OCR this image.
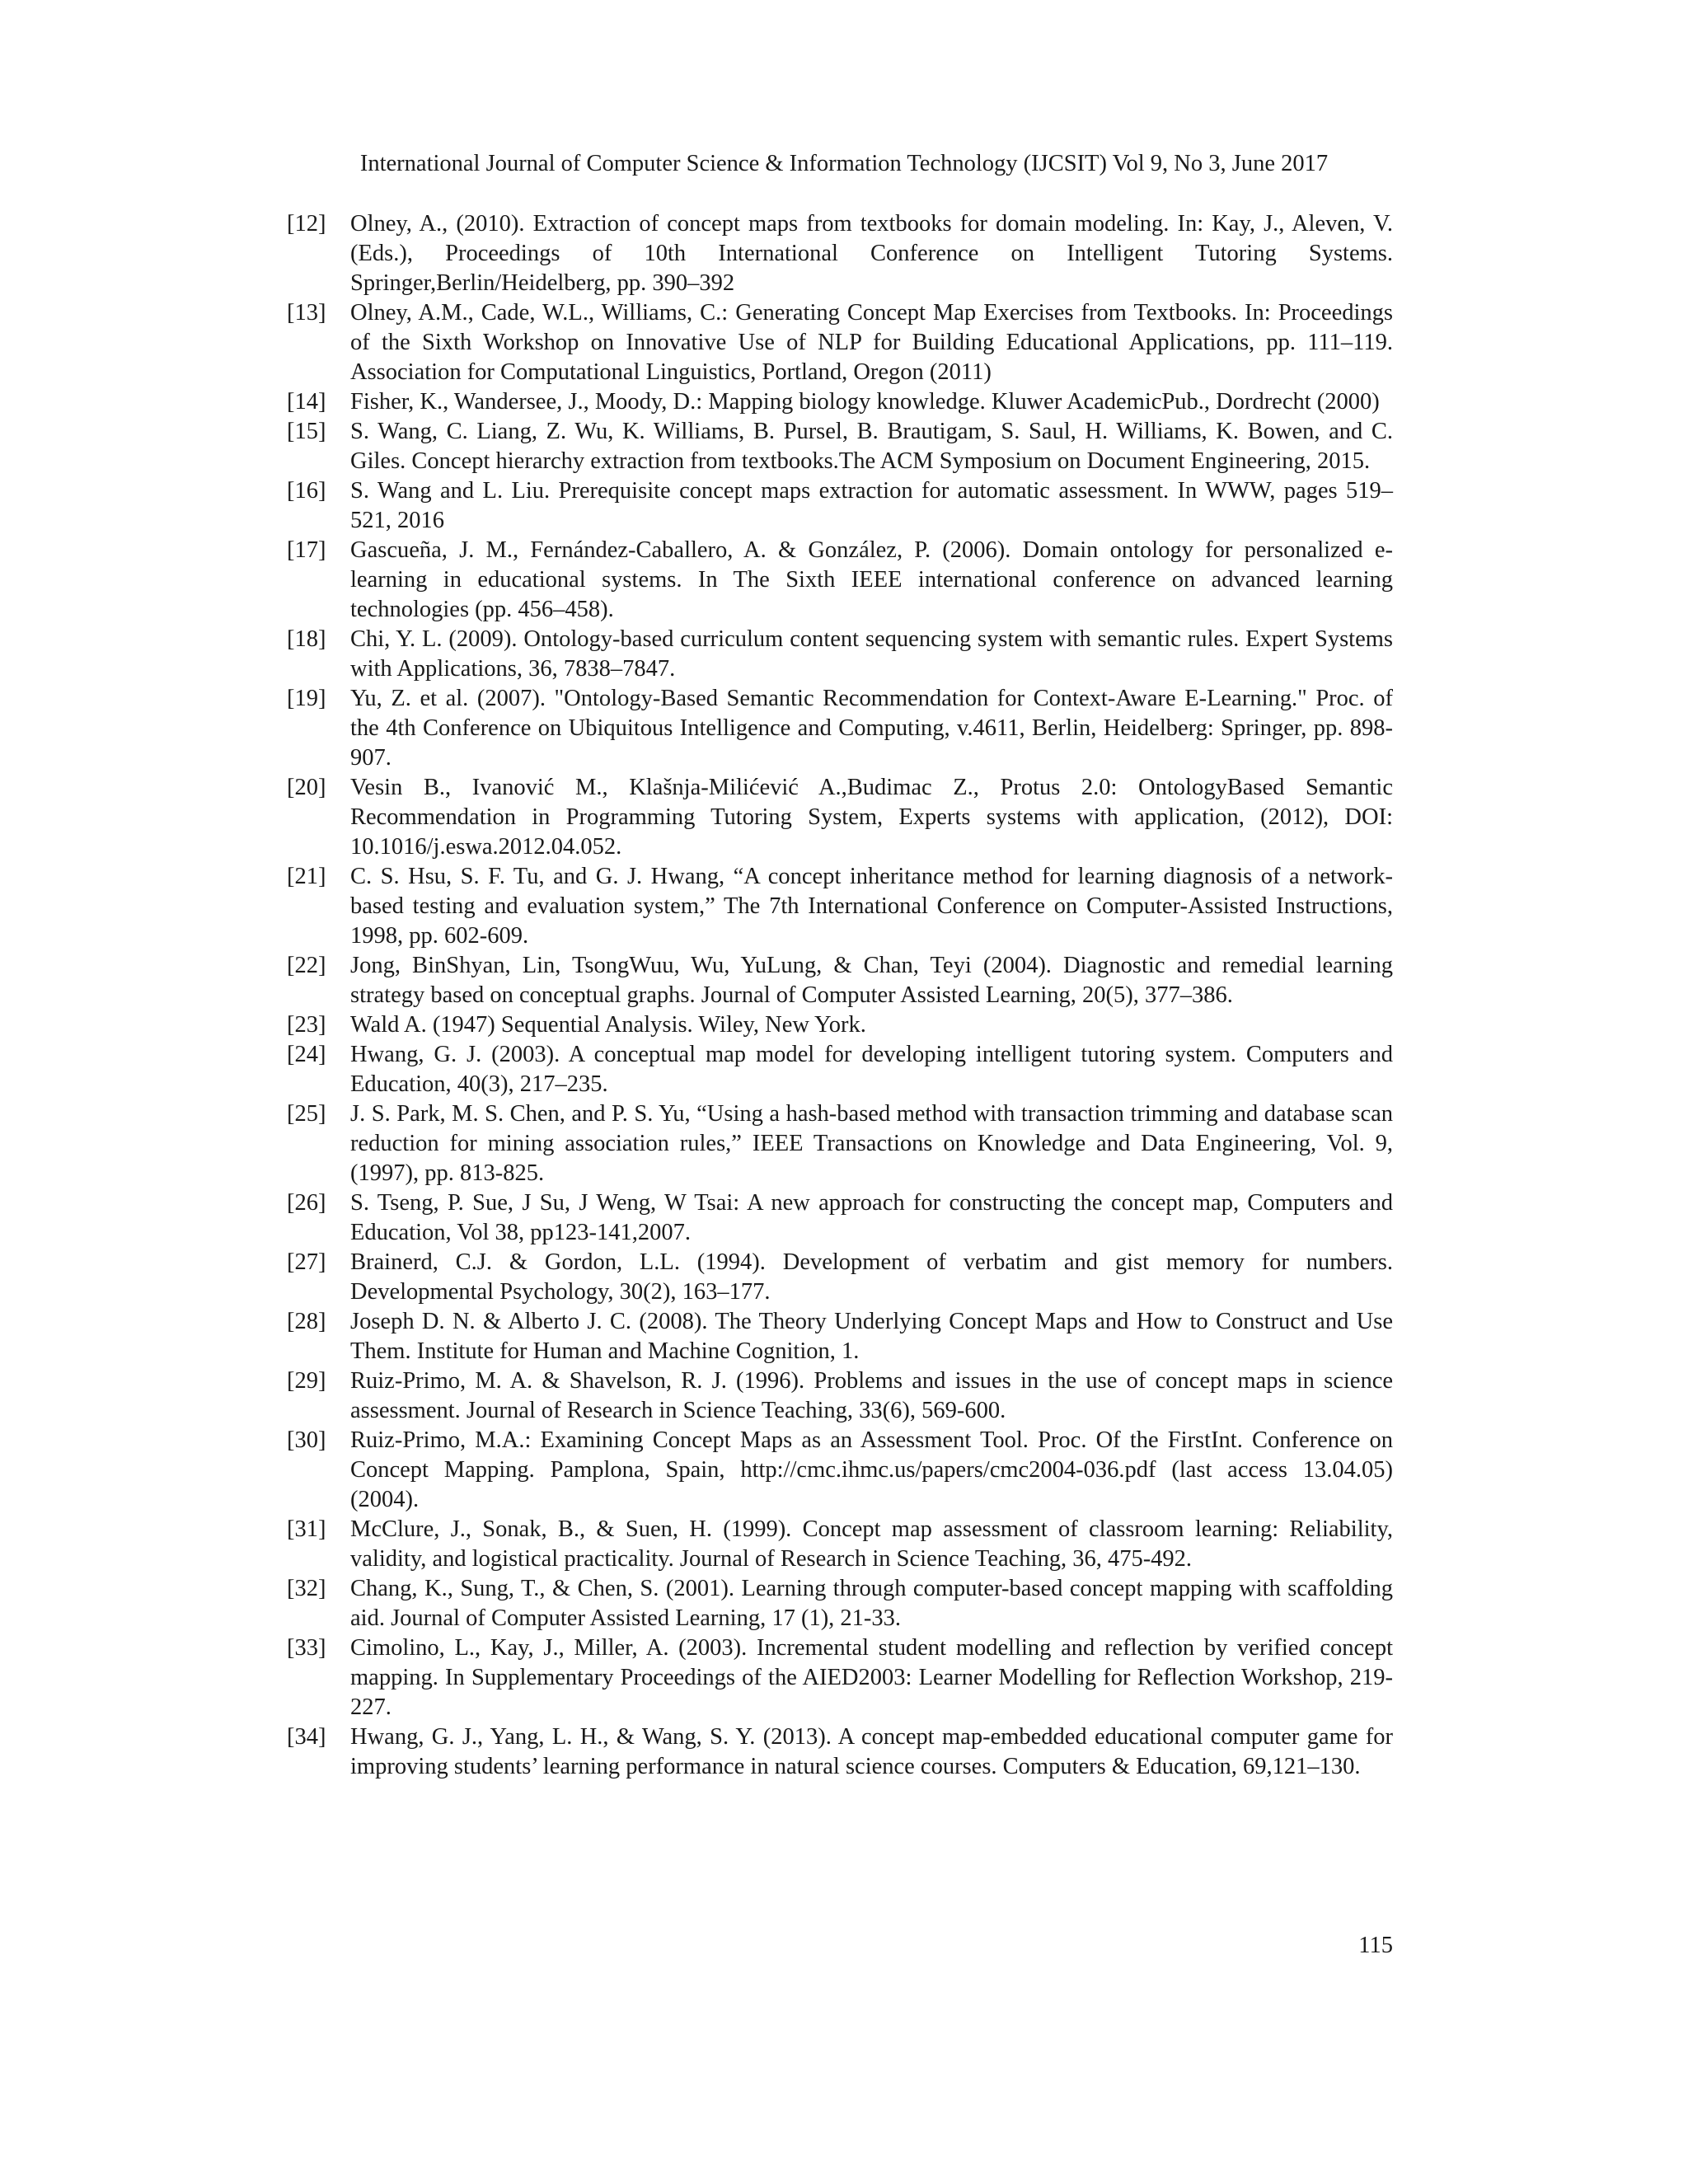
International Journal of Computer Science & Information Technology (IJCSIT) Vol 9, No 3, June 2017
[12]	Olney, A., (2010). Extraction of concept maps from textbooks for domain modeling. In: Kay, J., Aleven, V. (Eds.), Proceedings of 10th International Conference on Intelligent Tutoring Systems. Springer,Berlin/Heidelberg, pp. 390–392
[13]	Olney, A.M., Cade, W.L., Williams, C.: Generating Concept Map Exercises from Textbooks. In: Proceedings of the Sixth Workshop on Innovative Use of NLP for Building Educational Applications, pp. 111–119. Association for Computational Linguistics, Portland, Oregon (2011)
[14]	Fisher, K., Wandersee, J., Moody, D.: Mapping biology knowledge. Kluwer AcademicPub., Dordrecht (2000)
[15]	S. Wang, C. Liang, Z. Wu, K. Williams, B. Pursel, B. Brautigam, S. Saul, H. Williams, K. Bowen, and C. Giles. Concept hierarchy extraction from textbooks.The ACM Symposium on Document Engineering, 2015.
[16]	S. Wang and L. Liu. Prerequisite concept maps extraction for automatic assessment. In WWW, pages 519–521, 2016
[17]	Gascueña, J. M., Fernández-Caballero, A. & González, P. (2006). Domain ontology for personalized e-learning in educational systems. In The Sixth IEEE international conference on advanced learning technologies (pp. 456–458).
[18]	Chi, Y. L. (2009). Ontology-based curriculum content sequencing system with semantic rules. Expert Systems with Applications, 36, 7838–7847.
[19]	Yu, Z. et al. (2007). "Ontology-Based Semantic Recommendation for Context-Aware E-Learning." Proc. of the 4th Conference on Ubiquitous Intelligence and Computing, v.4611, Berlin, Heidelberg: Springer, pp. 898-907.
[20]	Vesin B., Ivanović M., Klašnja-Milićević A.,Budimac Z., Protus 2.0: OntologyBased Semantic Recommendation in Programming Tutoring System, Experts systems with application, (2012), DOI: 10.1016/j.eswa.2012.04.052.
[21]	C. S. Hsu, S. F. Tu, and G. J. Hwang, “A concept inheritance method for learning diagnosis of a network-based testing and evaluation system,” The 7th International Conference on Computer-Assisted Instructions, 1998, pp. 602-609.
[22]	Jong, BinShyan, Lin, TsongWuu, Wu, YuLung, & Chan, Teyi (2004). Diagnostic and remedial learning strategy based on conceptual graphs. Journal of Computer Assisted Learning, 20(5), 377–386.
[23]	Wald A. (1947) Sequential Analysis. Wiley, New York.
[24]	Hwang, G. J. (2003). A conceptual map model for developing intelligent tutoring system. Computers and Education, 40(3), 217–235.
[25]	J. S. Park, M. S. Chen, and P. S. Yu, “Using a hash-based method with transaction trimming and database scan reduction for mining association rules,” IEEE Transactions on Knowledge and Data Engineering, Vol. 9, (1997), pp. 813-825.
[26]	S. Tseng, P. Sue, J Su, J Weng, W Tsai: A new approach for constructing the concept map, Computers and Education, Vol 38, pp123-141,2007.
[27]	Brainerd, C.J. & Gordon, L.L. (1994). Development of verbatim and gist memory for numbers. Developmental Psychology, 30(2), 163–177.
[28]	Joseph D. N. & Alberto J. C. (2008). The Theory Underlying Concept Maps and How to Construct and Use Them. Institute for Human and Machine Cognition, 1.
[29]	Ruiz-Primo, M. A. & Shavelson, R. J. (1996). Problems and issues in the use of concept maps in science assessment. Journal of Research in Science Teaching, 33(6), 569-600.
[30]	Ruiz-Primo, M.A.: Examining Concept Maps as an Assessment Tool. Proc. Of the FirstInt. Conference on Concept Mapping. Pamplona, Spain, http://cmc.ihmc.us/papers/cmc2004-036.pdf (last access 13.04.05) (2004).
[31]	McClure, J., Sonak, B., & Suen, H. (1999). Concept map assessment of classroom learning: Reliability, validity, and logistical practicality. Journal of Research in Science Teaching, 36, 475-492.
[32]	Chang, K., Sung, T., & Chen, S. (2001). Learning through computer-based concept mapping with scaffolding aid. Journal of Computer Assisted Learning, 17 (1), 21-33.
[33]	Cimolino, L., Kay, J., Miller, A. (2003). Incremental student modelling and reflection by verified concept mapping. In Supplementary Proceedings of the AIED2003: Learner Modelling for Reflection Workshop, 219-227.
[34]	Hwang, G. J., Yang, L. H., & Wang, S. Y. (2013). A concept map-embedded educational computer game for improving students’ learning performance in natural science courses. Computers & Education, 69,121–130.
115
